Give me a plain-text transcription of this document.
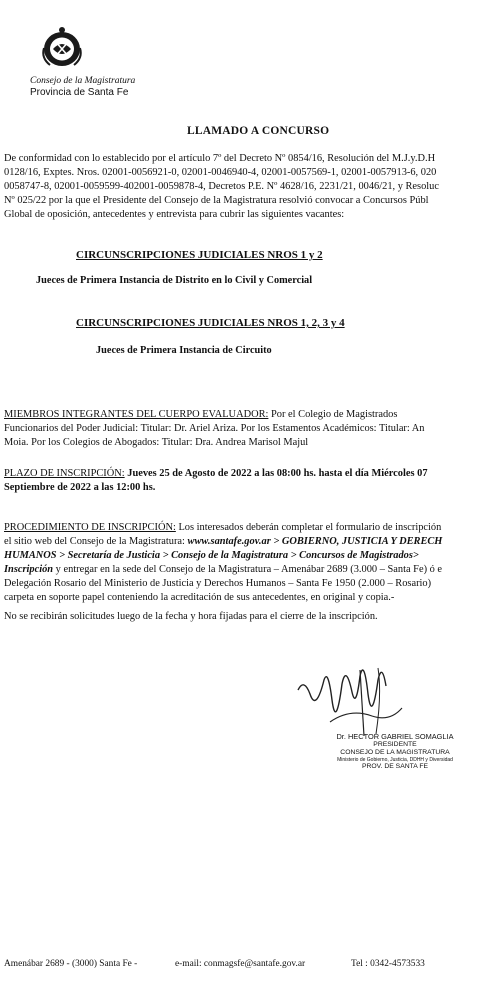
Consejo de la Magistratura
Provincia de Santa Fe
LLAMADO A CONCURSO
De conformidad con lo establecido por el artículo 7º del Decreto Nº 0854/16, Resolución del M.J.y.D.H
0128/16, Exptes. Nros. 02001-0056921-0, 02001-0046940-4, 02001-0057569-1, 02001-0057913-6, 020
0058747-8, 02001-0059599-402001-0059878-4, Decretos P.E. Nº 4628/16, 2231/21, 0046/21, y Resoluc
Nº 025/22 por la que el Presidente del Consejo de la Magistratura resolvió convocar a Concursos Públ
Global de oposición, antecedentes y entrevista para cubrir las siguientes vacantes:
CIRCUNSCRIPCIONES JUDICIALES NROS 1 y 2
Jueces de Primera Instancia de Distrito en lo Civil y Comercial
CIRCUNSCRIPCIONES JUDICIALES NROS 1, 2, 3 y 4
Jueces de Primera Instancia de Circuito
MIEMBROS INTEGRANTES DEL CUERPO EVALUADOR: Por el Colegio de Magistrados
Funcionarios del Poder Judicial: Titular: Dr. Ariel Ariza. Por los Estamentos Académicos: Titular: An
Moia. Por los Colegios de Abogados: Titular: Dra. Andrea Marisol Majul
PLAZO DE INSCRIPCIÓN: Jueves 25 de Agosto de 2022 a las 08:00 hs. hasta el día Miércoles 07
Septiembre de 2022 a las 12:00 hs.
PROCEDIMIENTO DE INSCRIPCIÓN: Los interesados deberán completar el formulario de inscripción
el sitio web del Consejo de la Magistratura: www.santafe.gov.ar > GOBIERNO, JUSTICIA Y DERECH
HUMANOS > Secretaría de Justicia > Consejo de la Magistratura > Concursos de Magistrados>
Inscripción y entregar en la sede del Consejo de la Magistratura – Amenábar 2689 (3.000 – Santa Fe) ó e
Delegación Rosario del Ministerio de Justicia y Derechos Humanos – Santa Fe 1950 (2.000 – Rosario)
carpeta en soporte papel conteniendo la acreditación de sus antecedentes, en original y copia.-
No se recibirán solicitudes luego de la fecha y hora fijadas para el cierre de la inscripción.
Dr. HECTOR GABRIEL SOMAGLIA
PRESIDENTE
CONSEJO DE LA MAGISTRATURA
Ministerio de Gobierno, Justicia, DDHH y Diversidad
PROV. DE SANTA FE
Amenábar 2689 - (3000) Santa Fe -	e-mail: conmagsfe@santafe.gov.ar	Tel : 0342-4573533
